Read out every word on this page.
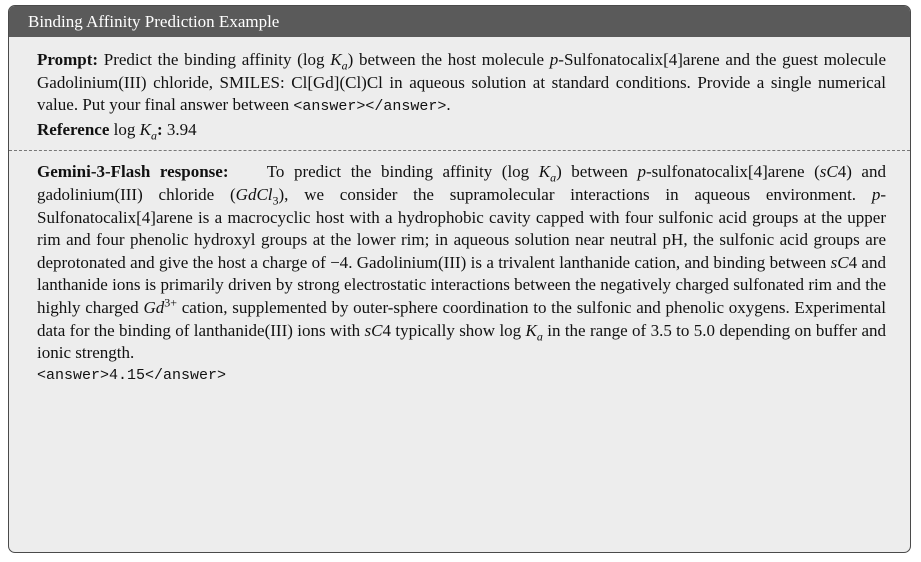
Binding Affinity Prediction Example
Prompt: Predict the binding affinity (log $K_a$) between the host molecule p-Sulfonatocalix[4]arene and the guest molecule Gadolinium(III) chloride, SMILES: Cl[Gd](Cl)Cl in aqueous solution at standard conditions. Provide a single numerical value. Put your final answer between <answer></answer>.
Reference $\log K_a$: 3.94
Gemini-3-Flash response: To predict the binding affinity (log $K_a$) between p-sulfonatocalix[4]arene (sC4) and gadolinium(III) chloride (GdCl$_3$), we consider the supramolecular interactions in aqueous environment. p-Sulfonatocalix[4]arene is a macrocyclic host with a hydrophobic cavity capped with four sulfonic acid groups at the upper rim and four phenolic hydroxyl groups at the lower rim; in aqueous solution near neutral pH, the sulfonic acid groups are deprotonated and give the host a charge of −4. Gadolinium(III) is a trivalent lanthanide cation, and binding between sC4 and lanthanide ions is primarily driven by strong electrostatic interactions between the negatively charged sulfonated rim and the highly charged $Gd^{3+}$ cation, supplemented by outer-sphere coordination to the sulfonic and phenolic oxygens. Experimental data for the binding of lanthanide(III) ions with sC4 typically show $\log K_a$ in the range of 3.5 to 5.0 depending on buffer and ionic strength.
<answer>4.15</answer>
